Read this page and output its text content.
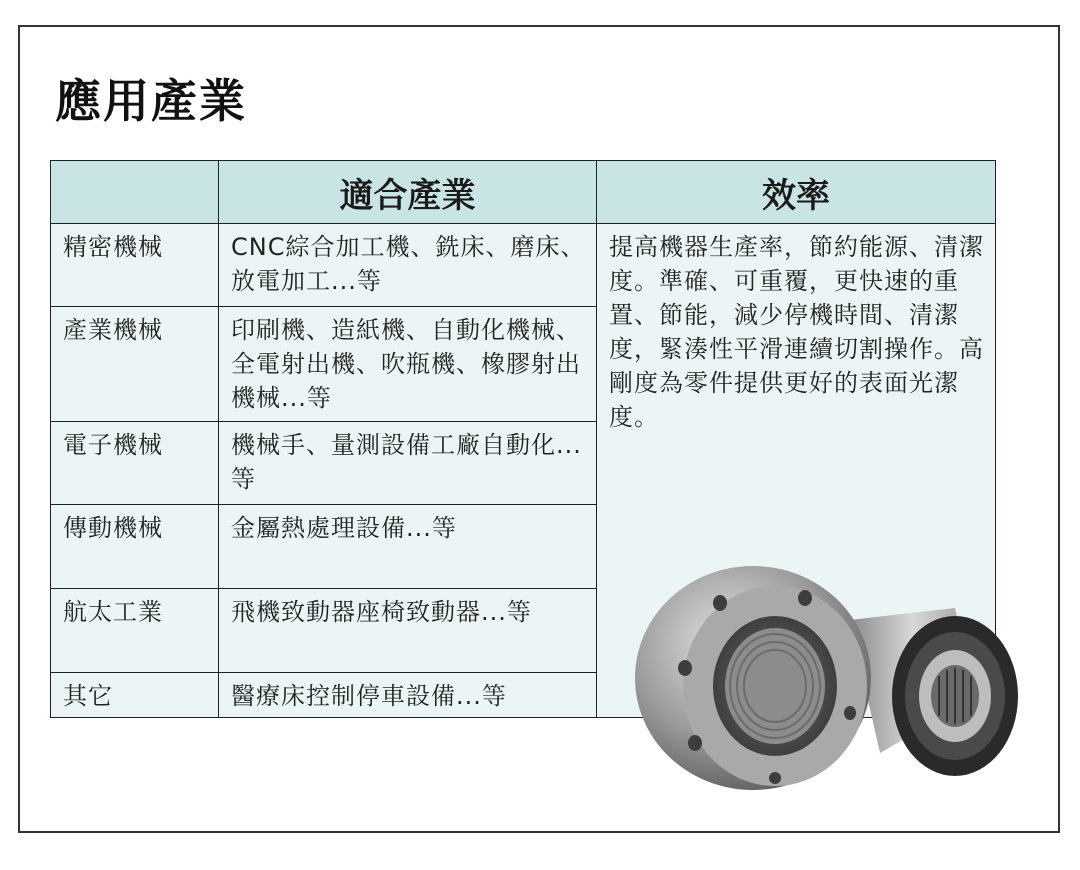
應用產業
	適合產業	效率
精密機械	CNC綜合加工機、銑床、磨床、放電加工...等	提高機器生產率，節約能源、清潔度。準確、可重覆，更快速的重置、節能，減少停機時間、清潔度，緊湊性平滑連續切割操作。高剛度為零件提供更好的表面光潔度。
產業機械	印刷機、造紙機、自動化機械、全電射出機、吹瓶機、橡膠射出機械...等	
電子機械	機械手、量測設備工廠自動化...等	
傳動機械	金屬熱處理設備...等	
航太工業	飛機致動器座椅致動器...等	
其它	醫療床控制停車設備...等	
